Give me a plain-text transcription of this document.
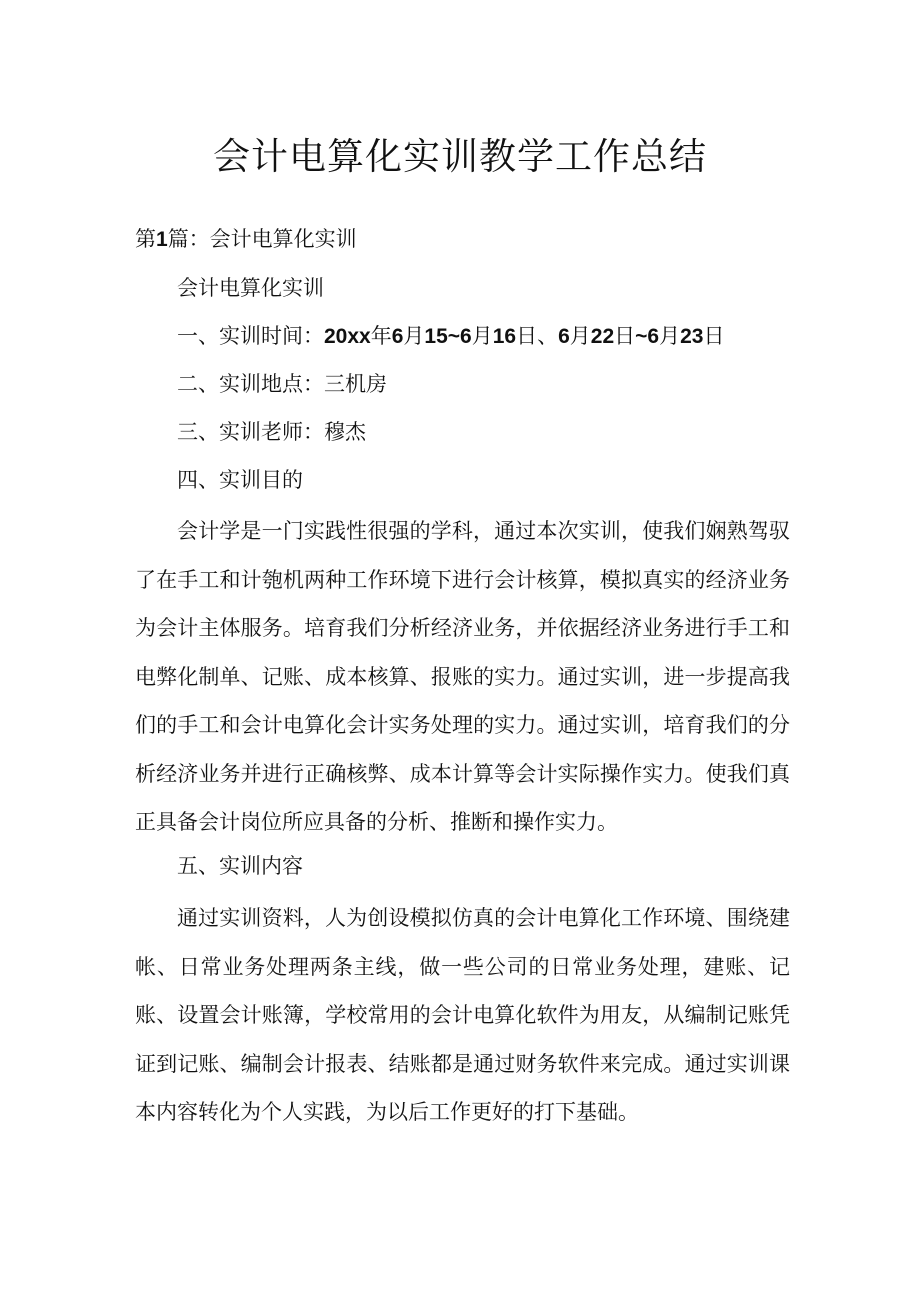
会计电算化实训教学工作总结

第1篇：会计电算化实训

会计电算化实训

一、实训时间：20xx年6月15~6月16日、6月22日~6月23日

二、实训地点：三机房

三、实训老师：穆杰

四、实训目的

会计学是一门实践性很强的学科，通过本次实训，使我们娴熟驾驭了在手工和计匏机两种工作环境下进行会计核算，模拟真实的经济业务为会计主体服务。培育我们分析经济业务，并依据经济业务进行手工和电弊化制单、记账、成本核算、报账的实力。通过实训，进一步提高我们的手工和会计电算化会计实务处理的实力。通过实训，培育我们的分析经济业务并进行正确核弊、成本计算等会计实际操作实力。使我们真正具备会计岗位所应具备的分析、推断和操作实力。

五、实训内容

通过实训资料，人为创设模拟仿真的会计电算化工作环境、围绕建帐、日常业务处理两条主线，做一些公司的日常业务处理，建账、记账、设置会计账簿，学校常用的会计电算化软件为用友，从编制记账凭证到记账、编制会计报表、结账都是通过财务软件来完成。通过实训课本内容转化为个人实践，为以后工作更好的打下基础。
